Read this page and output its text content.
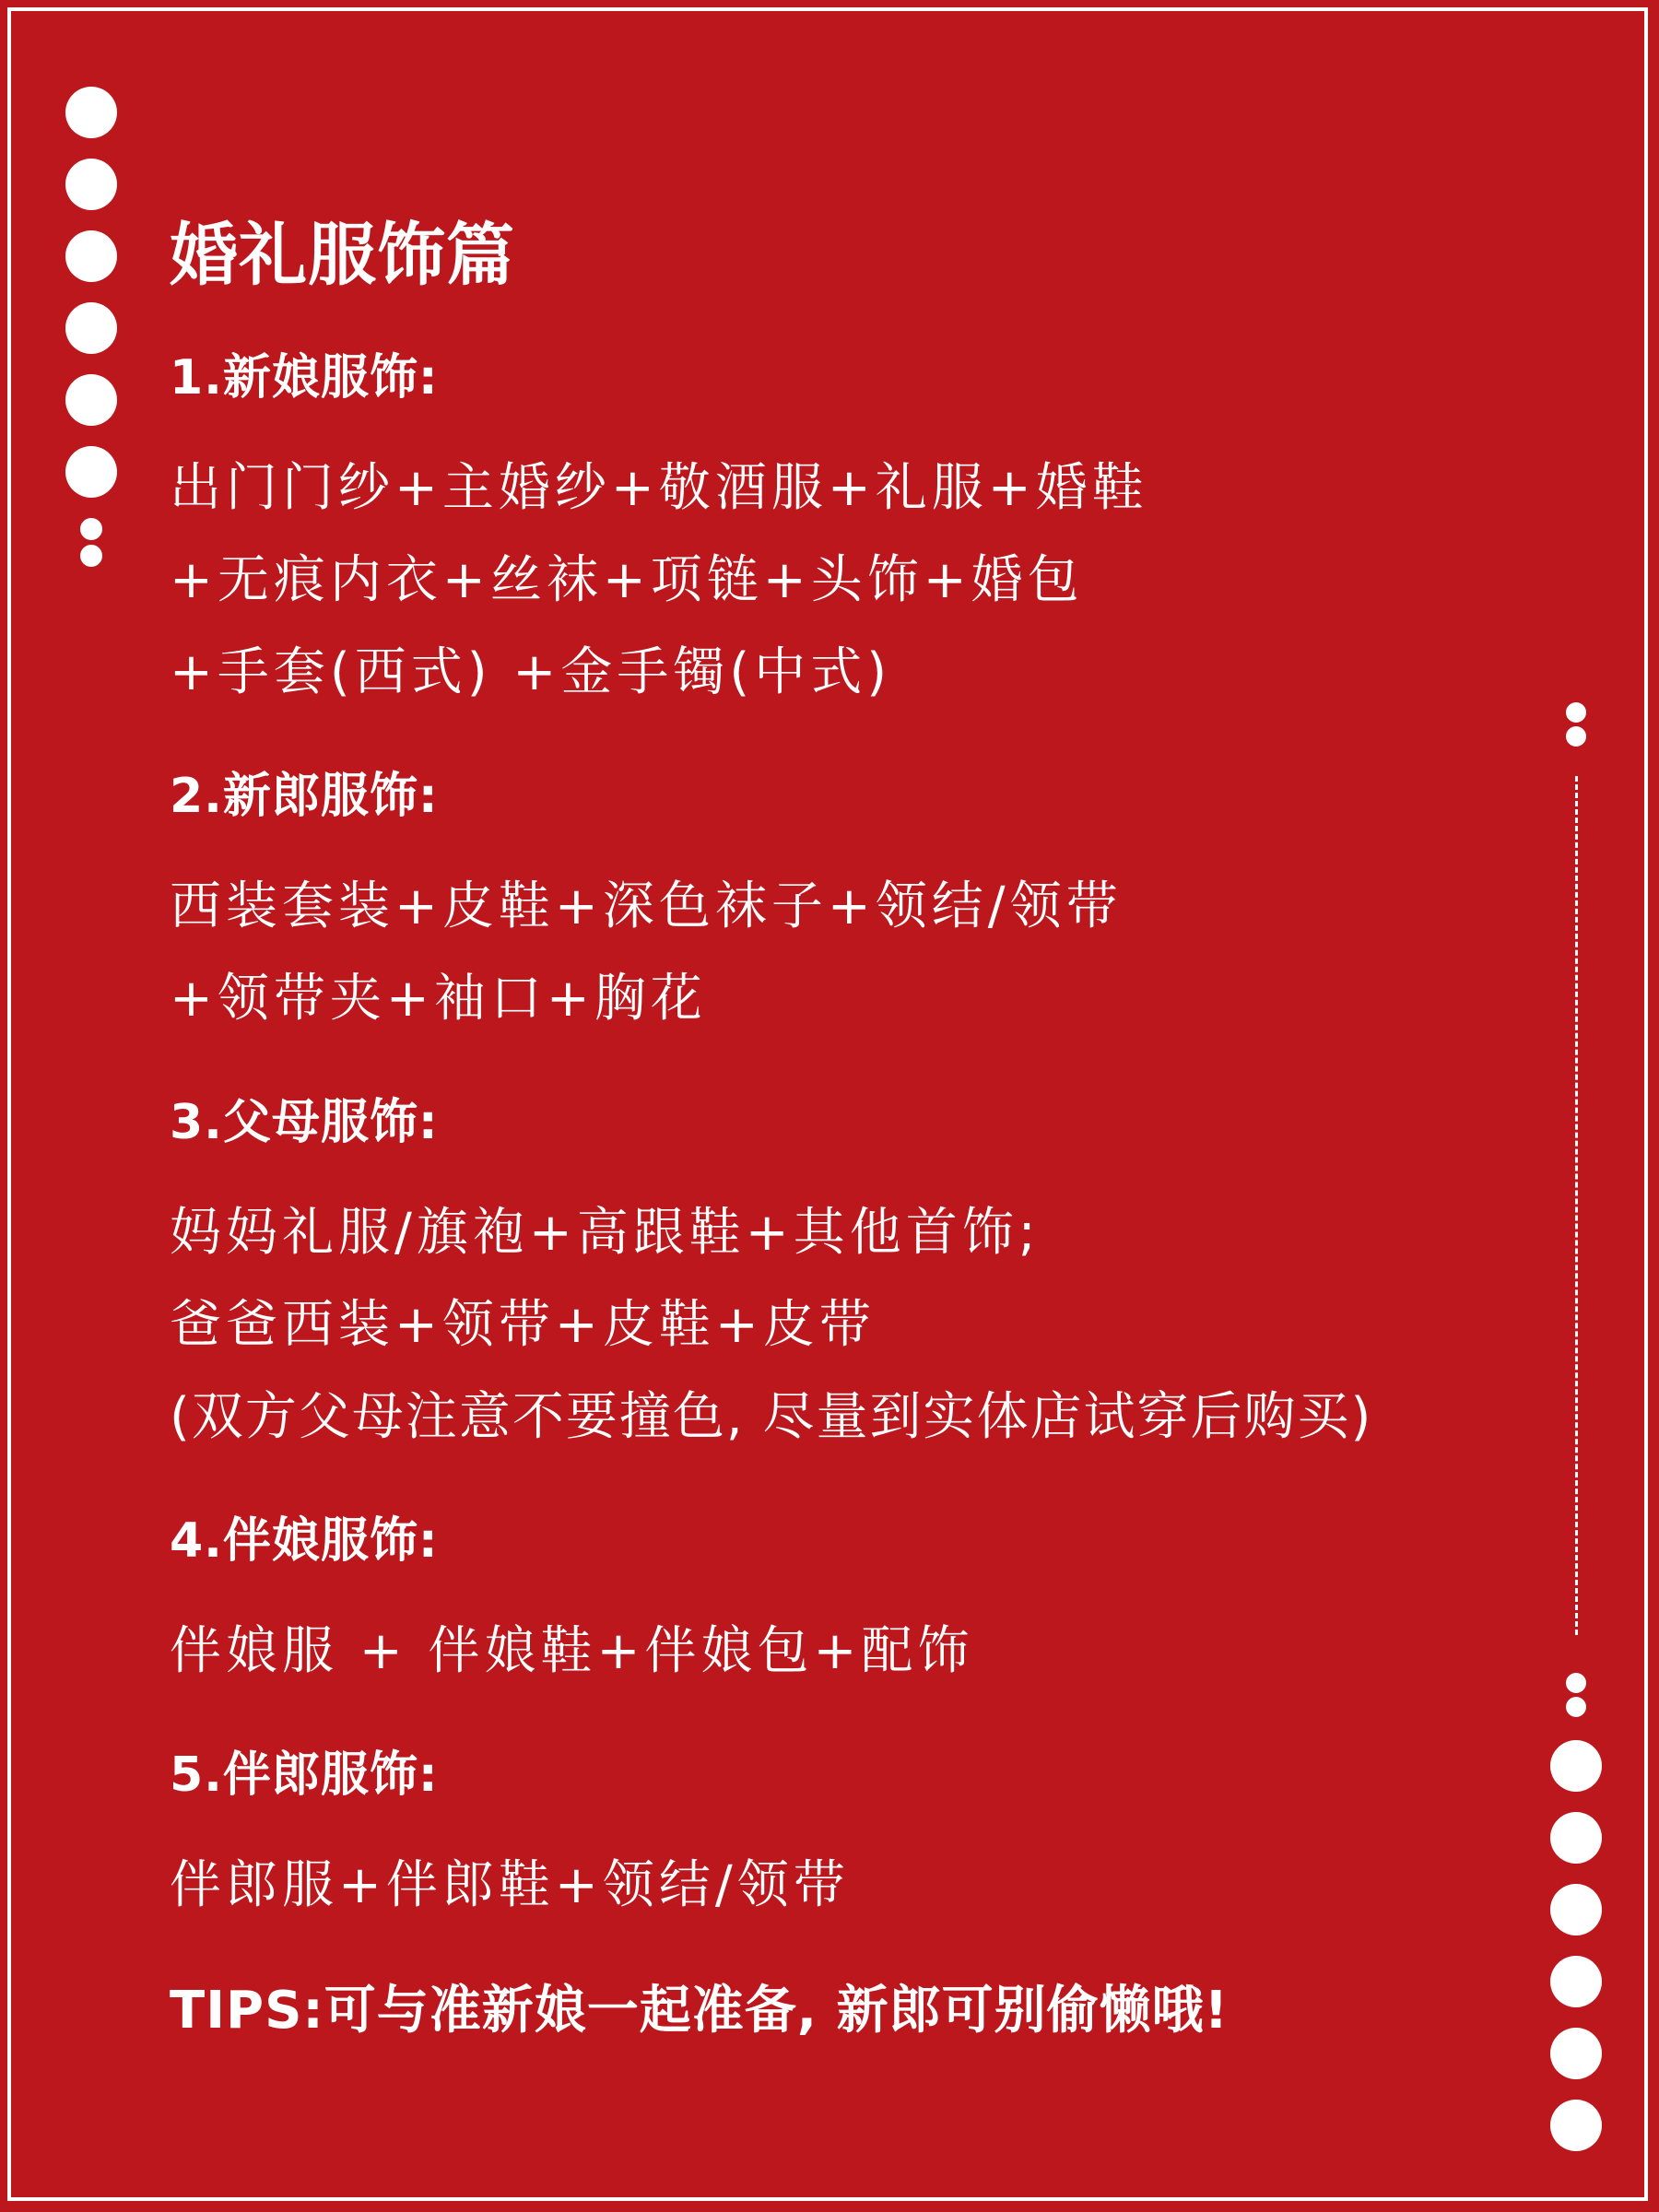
婚礼服饰篇
1.新娘服饰:
出门门纱+主婚纱+敬酒服+礼服+婚鞋
+无痕内衣+丝袜+项链+头饰+婚包
+手套(西式) +金手镯(中式)
2.新郎服饰:
西装套装+皮鞋+深色袜子+领结/领带
+领带夹+袖口+胸花
3.父母服饰:
妈妈礼服/旗袍+高跟鞋+其他首饰;
爸爸西装+领带+皮鞋+皮带
(双方父母注意不要撞色, 尽量到实体店试穿后购买)
4.伴娘服饰:
伴娘服 + 伴娘鞋+伴娘包+配饰
5.伴郎服饰:
伴郎服+伴郎鞋+领结/领带
TIPS:可与准新娘一起准备, 新郎可别偷懒哦!
